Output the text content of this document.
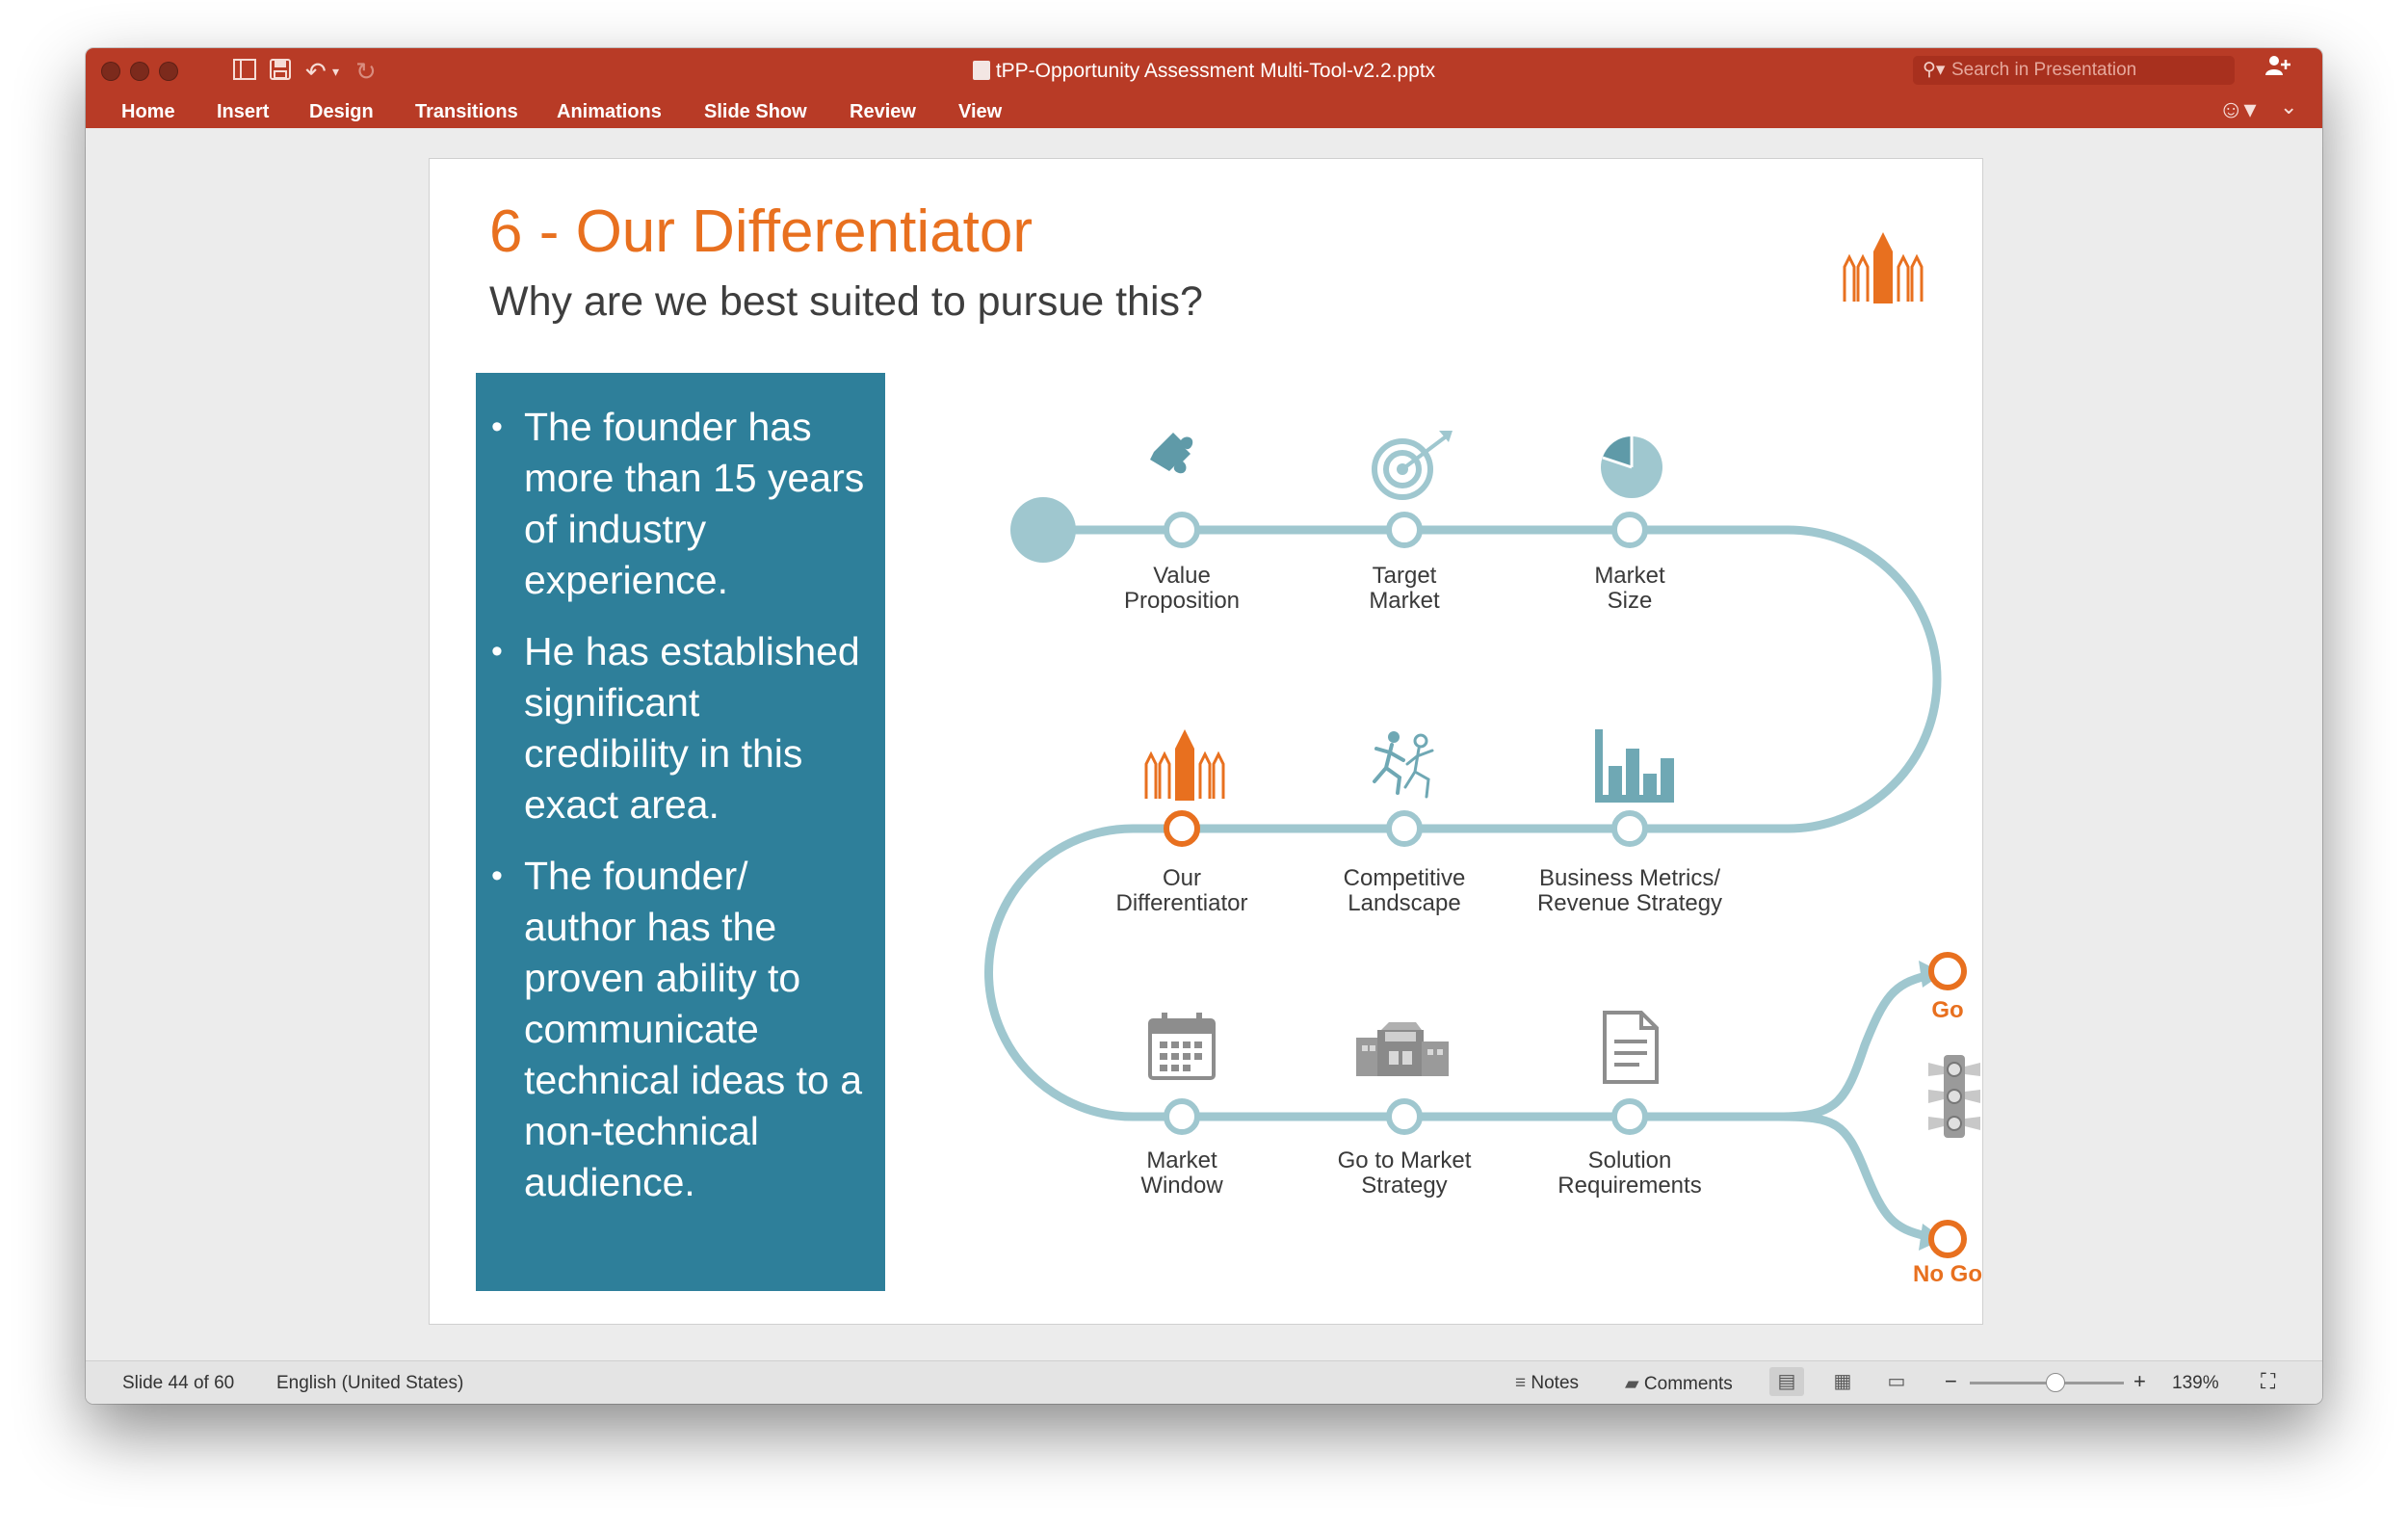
↶ ▾ ↻	tPP-Opportunity Assessment Multi-Tool-v2.2.pptx	⚲▾ Search in Presentation
Home Insert Design Transitions Animations Slide Show Review View	☺▾ ⌄
6 - Our Differentiator
Why are we best suited to pursue this?
• The founder has more than 15 years of industry experience.
• He has established significant credibility in this exact area.
• The founder/ author has the proven ability to communicate technical ideas to a non-technical audience.
Value
Proposition
Target
Market
Market
Size
Our
Differentiator
Competitive
Landscape
Business Metrics/
Revenue Strategy
Market
Window
Go to Market
Strategy
Solution
Requirements
Go
No Go
Slide 44 of 60 English (United States)	≡ Notes	▰ Comments	▤	▦	▭	−	+ 139% ⛶
